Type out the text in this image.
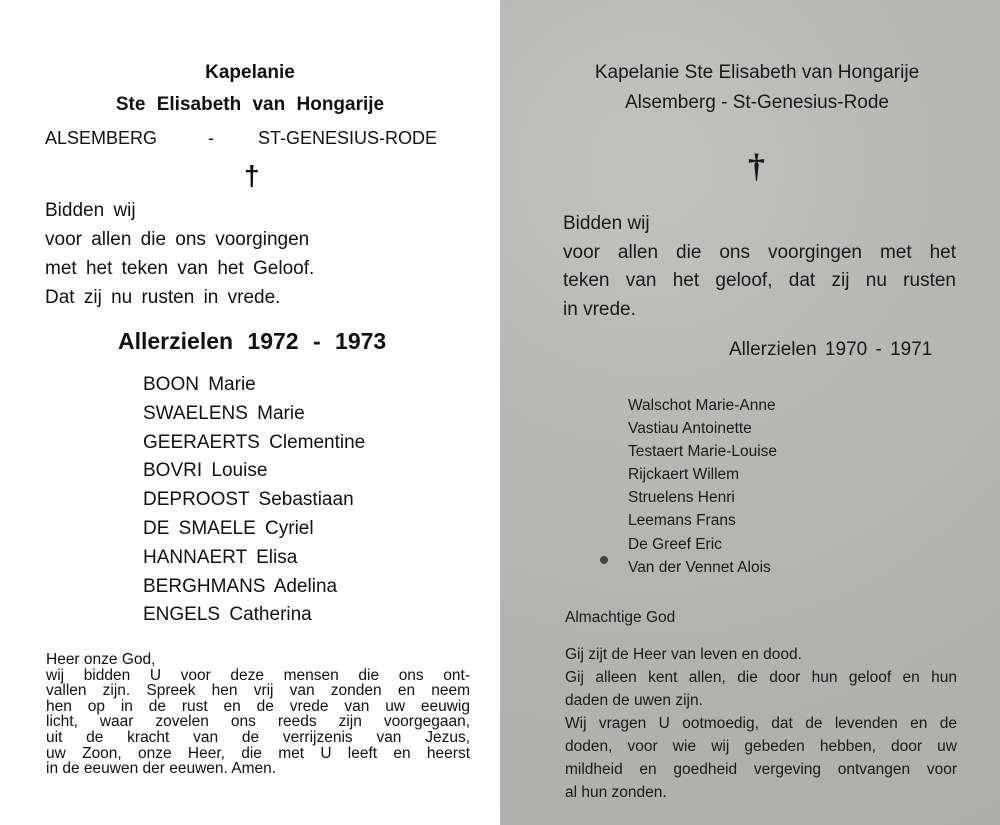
Kapelanie
Ste Elisabeth van Hongarije
ALSEMBERG	- ST-GENESIUS-RODE
†
Bidden wij
voor allen die ons voorgingen
met het teken van het Geloof.
Dat zij nu rusten in vrede.
Allerzielen 1972 - 1973
BOON Marie
SWAELENS Marie
GEERAERTS Clementine
BOVRI Louise
DEPROOST Sebastiaan
DE SMAELE Cyriel
HANNAERT Elisa
BERGHMANS Adelina
ENGELS Catherina
Heer onze God,
wij bidden U voor deze mensen die ons ont-
vallen zijn. Spreek hen vrij van zonden en neem
hen op in de rust en de vrede van uw eeuwig
licht, waar zovelen ons reeds zijn voorgegaan,
uit de kracht van de verrijzenis van Jezus,
uw Zoon, onze Heer, die met U leeft en heerst
in de eeuwen der eeuwen. Amen.
Kapelanie Ste Elisabeth van Hongarije
Alsemberg - St-Genesius-Rode
†
Bidden wij
voor allen die ons voorgingen met het
teken van het geloof, dat zij nu rusten
in vrede.
Allerzielen 1970 - 1971
Walschot Marie-Anne
Vastiau Antoinette
Testaert Marie-Louise
Rijckaert Willem
Struelens Henri
Leemans Frans
De Greef Eric
Van der Vennet Alois
Almachtige God
Gij zijt de Heer van leven en dood.
Gij alleen kent allen, die door hun geloof en hun
daden de uwen zijn.
Wij vragen U ootmoedig, dat de levenden en de
doden, voor wie wij gebeden hebben, door uw
mildheid en goedheid vergeving ontvangen voor
al hun zonden.
